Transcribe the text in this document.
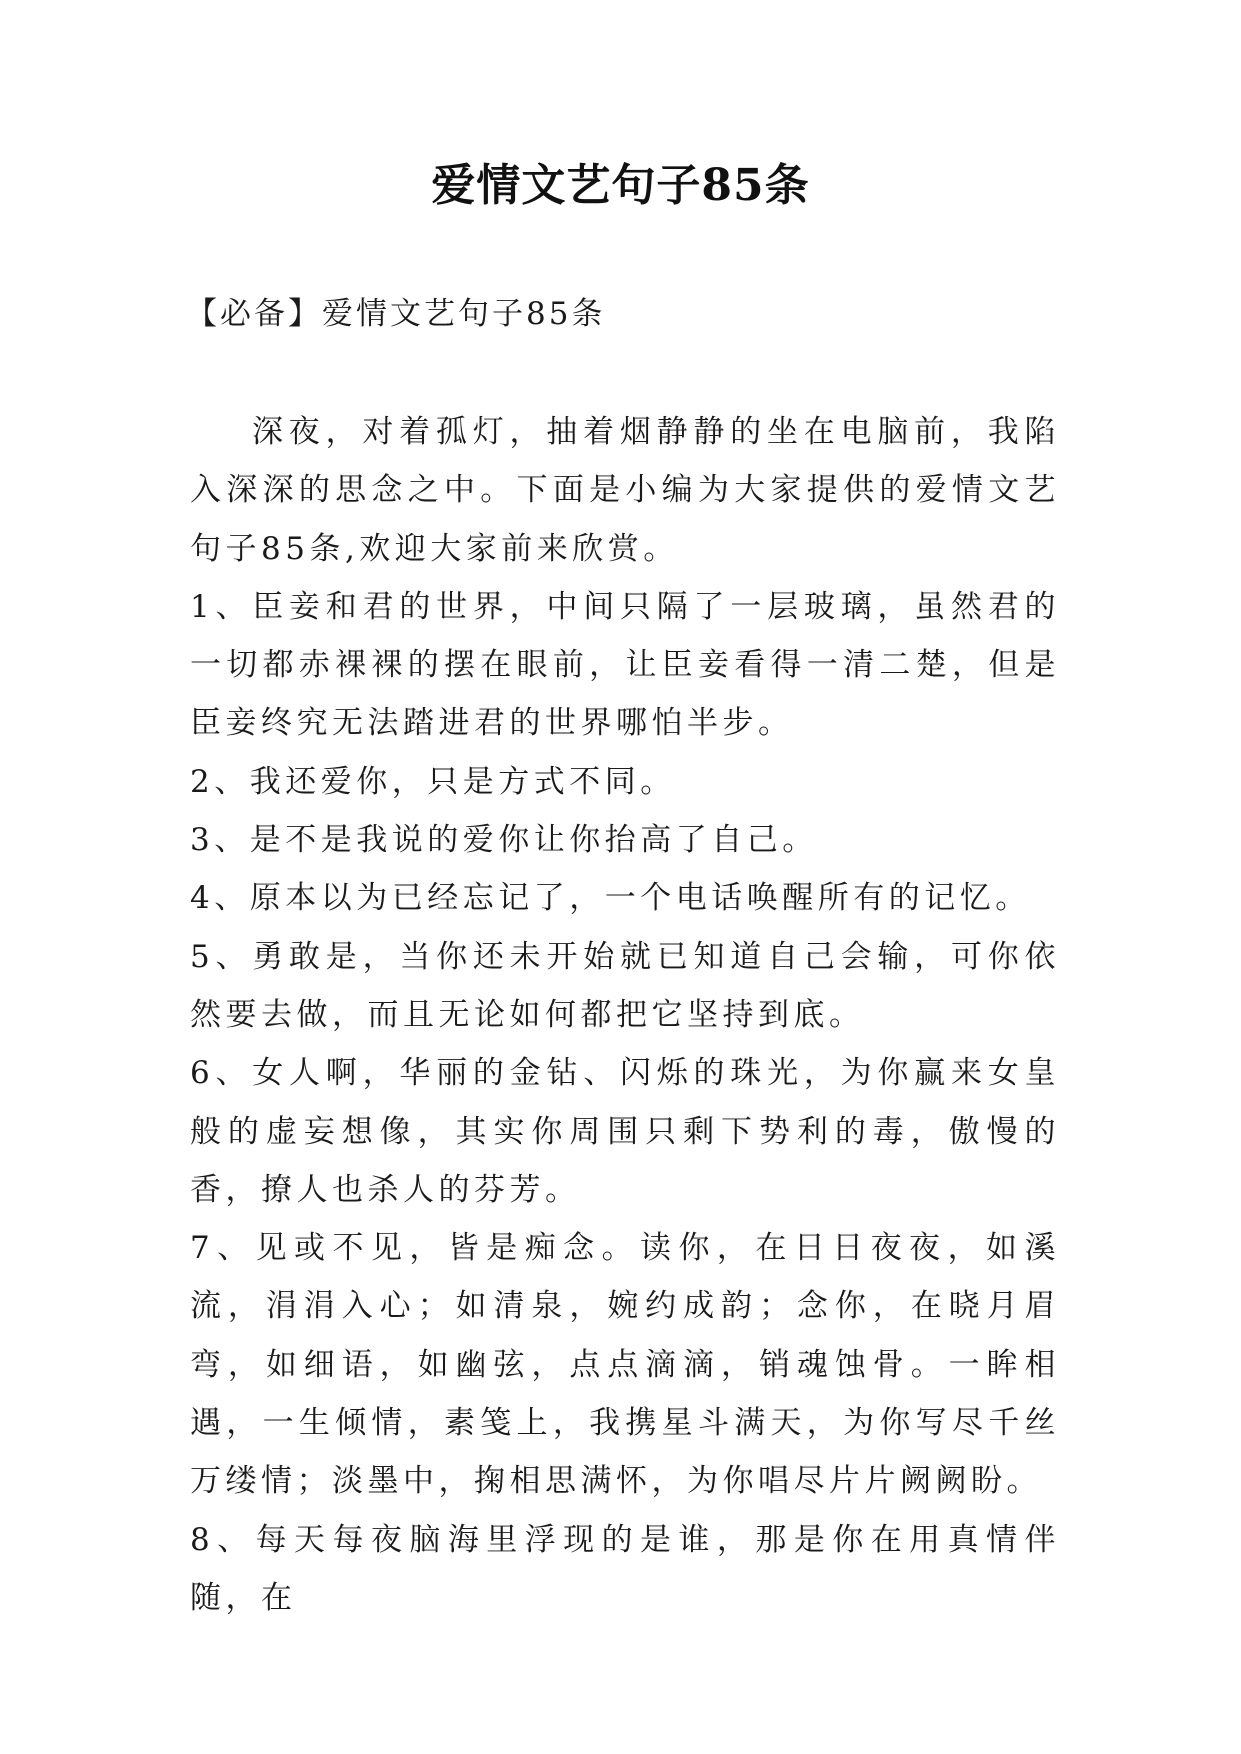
爱情文艺句子85条
【必备】爱情文艺句子85条

深夜，对着孤灯，抽着烟静静的坐在电脑前，我陷入深深的思念之中。下面是小编为大家提供的爱情文艺句子85条,欢迎大家前来欣赏。

1、臣妾和君的世界，中间只隔了一层玻璃，虽然君的一切都赤裸裸的摆在眼前，让臣妾看得一清二楚，但是臣妾终究无法踏进君的世界哪怕半步。

2、我还爱你，只是方式不同。

3、是不是我说的爱你让你抬高了自己。

4、原本以为已经忘记了，一个电话唤醒所有的记忆。

5、勇敢是，当你还未开始就已知道自己会输，可你依然要去做，而且无论如何都把它坚持到底。

6、女人啊，华丽的金钻、闪烁的珠光，为你赢来女皇般的虚妄想像，其实你周围只剩下势利的毒，傲慢的香，撩人也杀人的芬芳。

7、见或不见，皆是痴念。读你，在日日夜夜，如溪流，涓涓入心；如清泉，婉约成韵；念你，在晓月眉弯，如细语，如幽弦，点点滴滴，销魂蚀骨。一眸相遇，一生倾情，素笺上，我携星斗满天，为你写尽千丝万缕情；淡墨中，掬相思满怀，为你唱尽片片阙阙盼。

8、每天每夜脑海里浮现的是谁，那是你在用真情伴随，在
